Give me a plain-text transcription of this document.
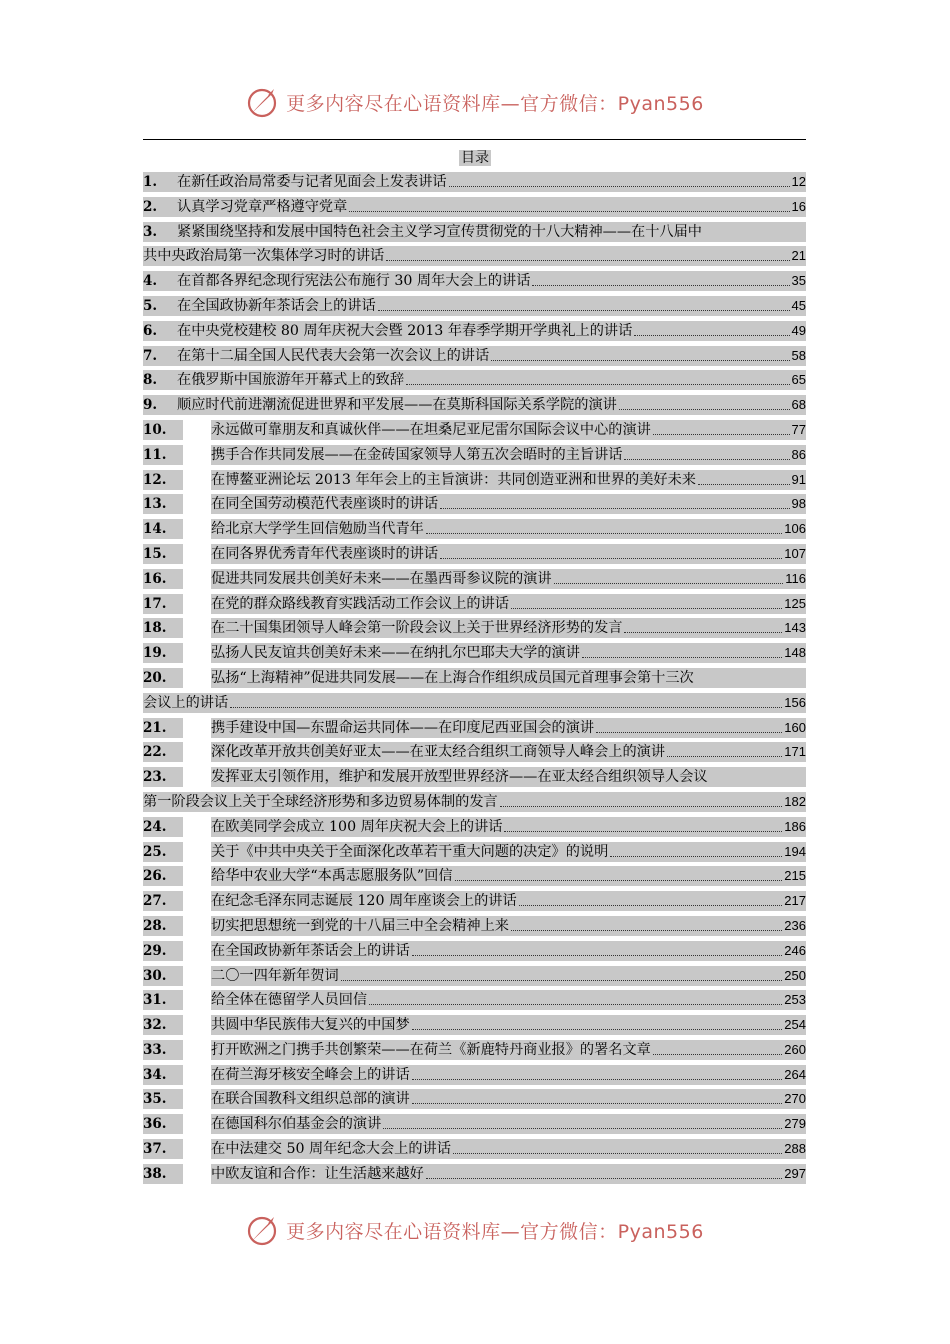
更多内容尽在心语资料库—官方微信：Pyan556
目录
1.	在新任政治局常委与记者见面会上发表讲话	12
2.	认真学习党章严格遵守党章	16
3.	紧紧围绕坚持和发展中国特色社会主义学习宣传贯彻党的十八大精神——在十八届中
共中央政治局第一次集体学习时的讲话	21
4.	在首都各界纪念现行宪法公布施行 30 周年大会上的讲话	35
5.	在全国政协新年茶话会上的讲话	45
6.	在中央党校建校 80 周年庆祝大会暨 2013 年春季学期开学典礼上的讲话	49
7.	在第十二届全国人民代表大会第一次会议上的讲话	58
8.	在俄罗斯中国旅游年开幕式上的致辞	65
9.	顺应时代前进潮流促进世界和平发展——在莫斯科国际关系学院的演讲	68
10.	永远做可靠朋友和真诚伙伴——在坦桑尼亚尼雷尔国际会议中心的演讲	77
11.	携手合作共同发展——在金砖国家领导人第五次会晤时的主旨讲话	86
12.	在博鳌亚洲论坛 2013 年年会上的主旨演讲：共同创造亚洲和世界的美好未来	91
13.	在同全国劳动模范代表座谈时的讲话	98
14.	给北京大学学生回信勉励当代青年	106
15.	在同各界优秀青年代表座谈时的讲话	107
16.	促进共同发展共创美好未来——在墨西哥参议院的演讲	116
17.	在党的群众路线教育实践活动工作会议上的讲话	125
18.	在二十国集团领导人峰会第一阶段会议上关于世界经济形势的发言	143
19.	弘扬人民友谊共创美好未来——在纳扎尔巴耶夫大学的演讲	148
20.	弘扬“上海精神”促进共同发展——在上海合作组织成员国元首理事会第十三次
会议上的讲话	156
21.	携手建设中国—东盟命运共同体——在印度尼西亚国会的演讲	160
22.	深化改革开放共创美好亚太——在亚太经合组织工商领导人峰会上的演讲	171
23.	发挥亚太引领作用，维护和发展开放型世界经济——在亚太经合组织领导人会议
第一阶段会议上关于全球经济形势和多边贸易体制的发言	182
24.	在欧美同学会成立 100 周年庆祝大会上的讲话	186
25.	关于《中共中央关于全面深化改革若干重大问题的决定》的说明	194
26.	给华中农业大学“本禹志愿服务队”回信	215
27.	在纪念毛泽东同志诞辰 120 周年座谈会上的讲话	217
28.	切实把思想统一到党的十八届三中全会精神上来	236
29.	在全国政协新年茶话会上的讲话	246
30.	二〇一四年新年贺词	250
31.	给全体在德留学人员回信	253
32.	共圆中华民族伟大复兴的中国梦	254
33.	打开欧洲之门携手共创繁荣——在荷兰《新鹿特丹商业报》的署名文章	260
34.	在荷兰海牙核安全峰会上的讲话	264
35.	在联合国教科文组织总部的演讲	270
36.	在德国科尔伯基金会的演讲	279
37.	在中法建交 50 周年纪念大会上的讲话	288
38.	中欧友谊和合作：让生活越来越好	297
更多内容尽在心语资料库—官方微信：Pyan556
